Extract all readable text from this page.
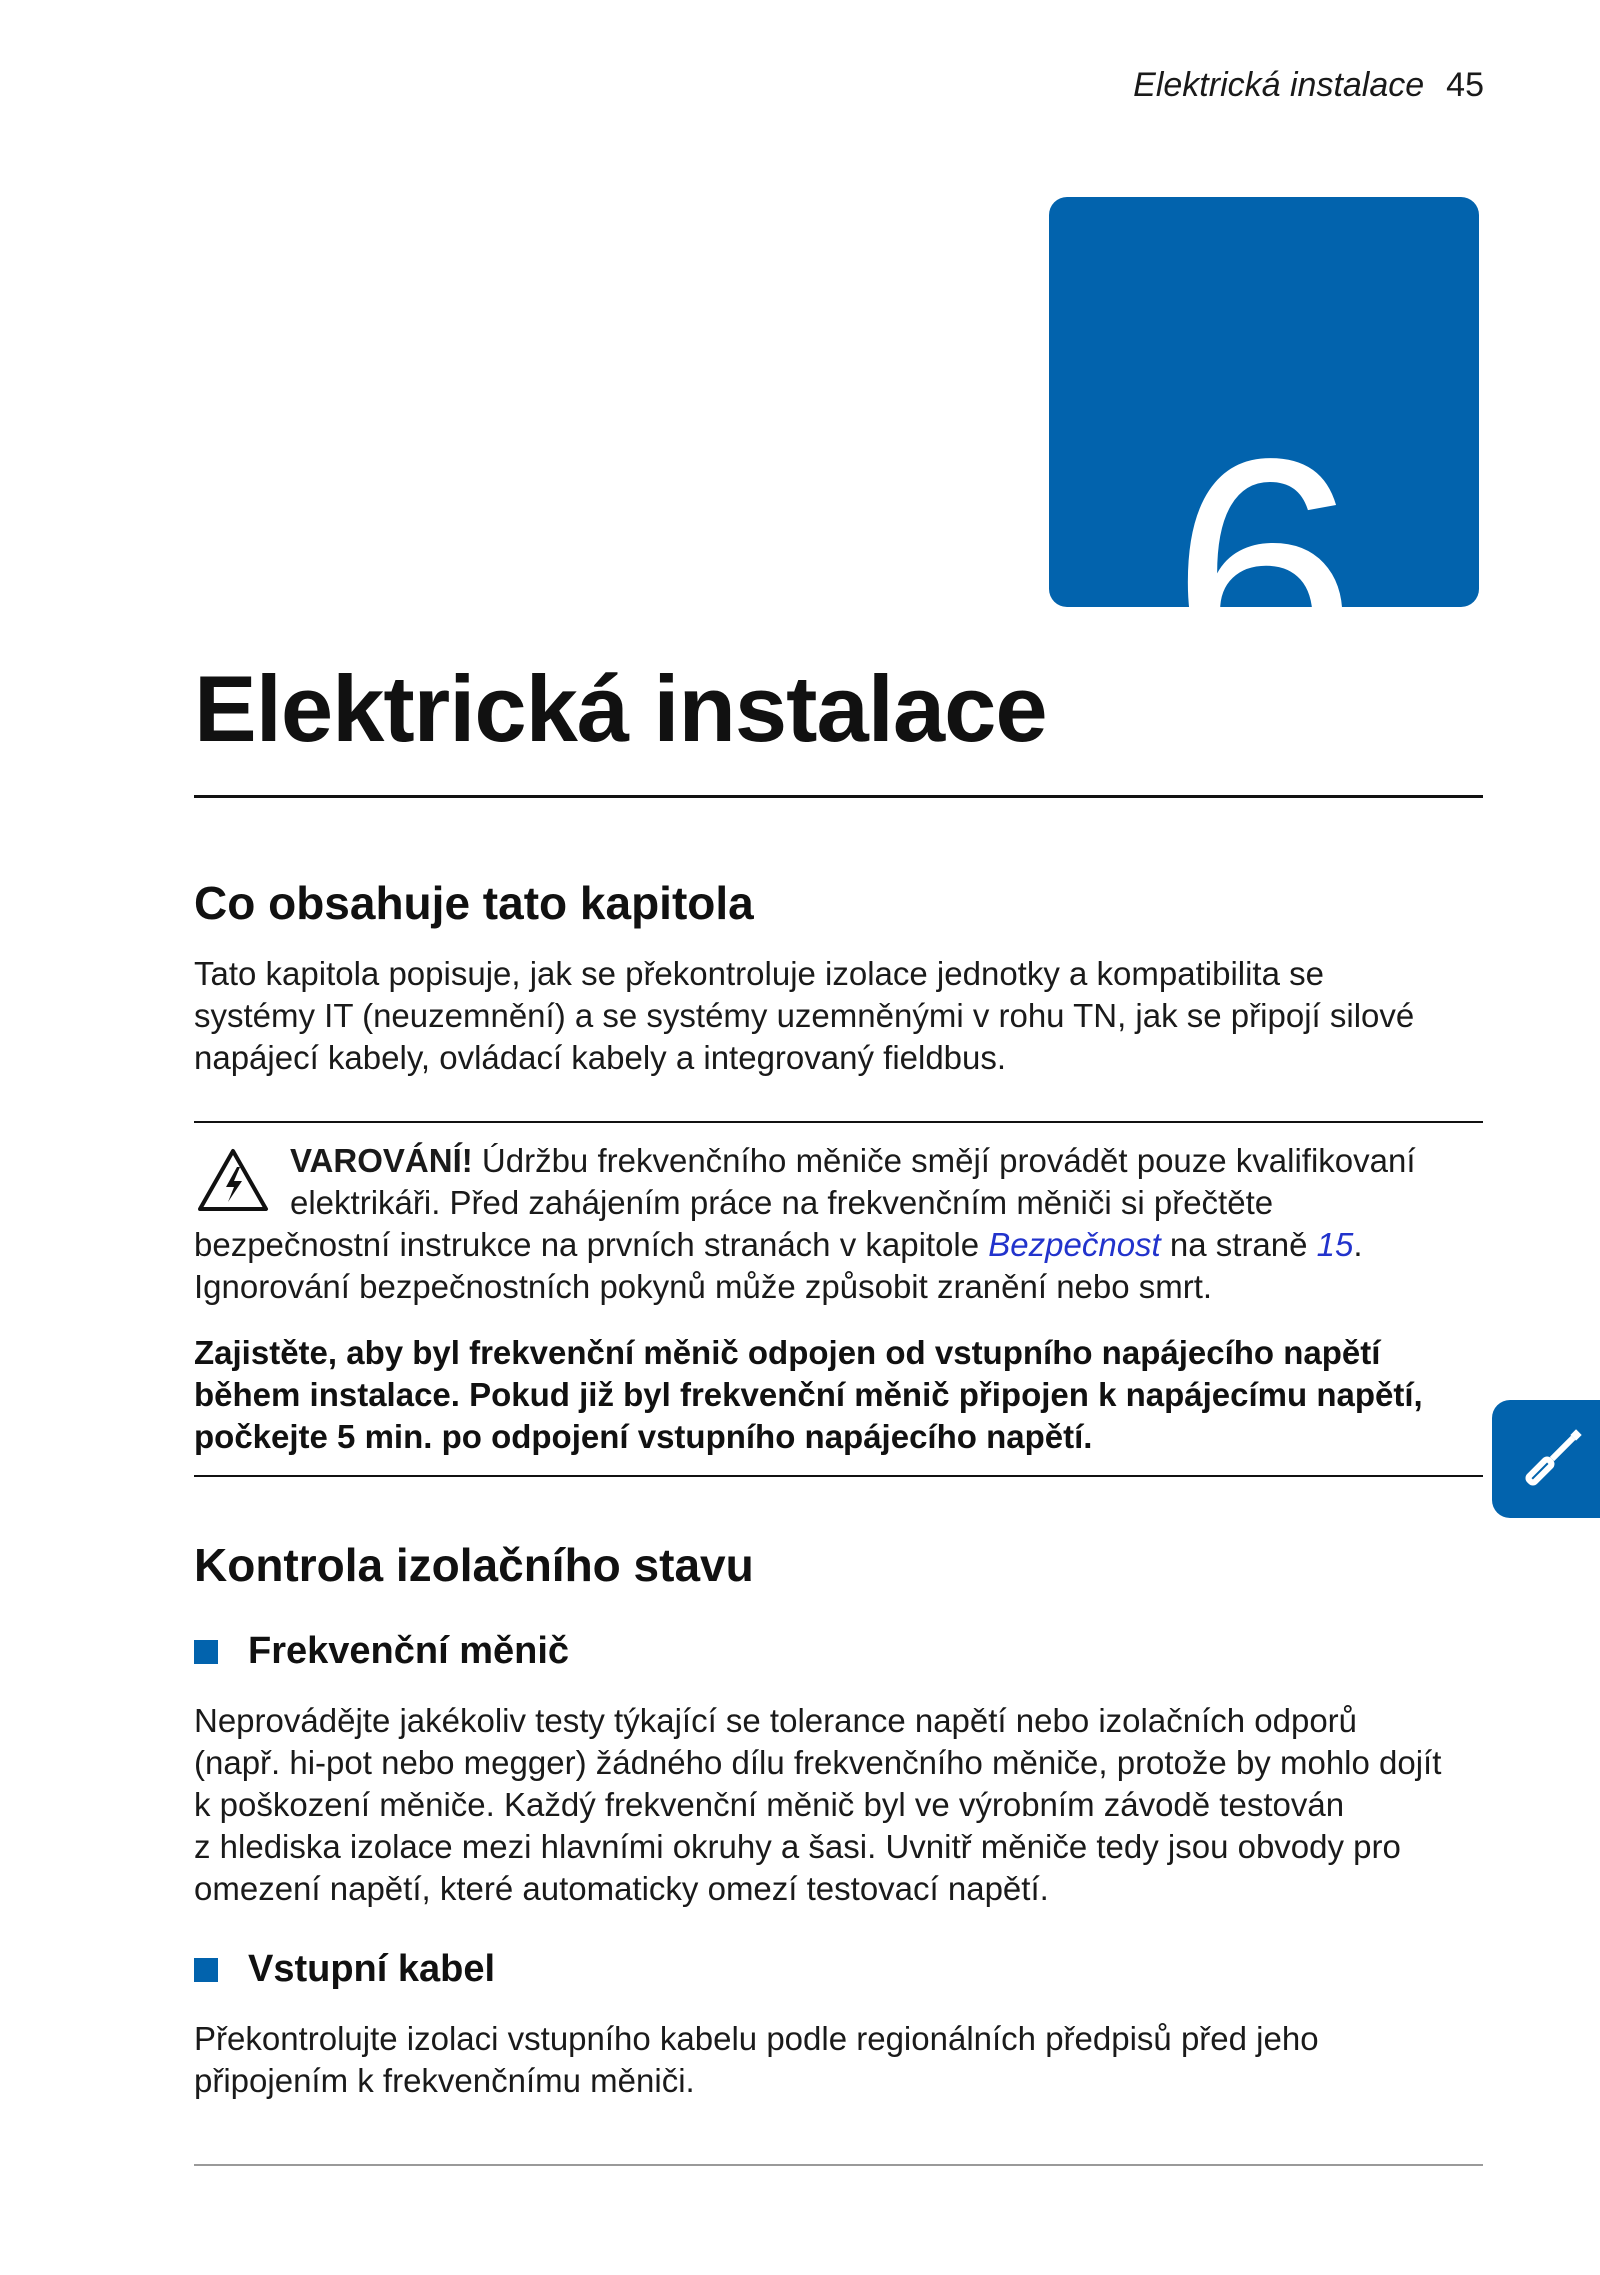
Elektrická instalace 45
6
Elektrická instalace
Co obsahuje tato kapitola
Tato kapitola popisuje, jak se překontroluje izolace jednotky a kompatibilita se
systémy IT (neuzemnění) a se systémy uzemněnými v rohu TN, jak se připojí silové
napájecí kabely, ovládací kabely a integrovaný fieldbus.
VAROVÁNÍ! Údržbu frekvenčního měniče smějí provádět pouze kvalifikovaní
elektrikáři. Před zahájením práce na frekvenčním měniči si přečtěte
bezpečnostní instrukce na prvních stranách v kapitole Bezpečnost na straně 15.
Ignorování bezpečnostních pokynů může způsobit zranění nebo smrt.
Zajistěte, aby byl frekvenční měnič odpojen od vstupního napájecího napětí
během instalace. Pokud již byl frekvenční měnič připojen k napájecímu napětí,
počkejte 5 min. po odpojení vstupního napájecího napětí.
Kontrola izolačního stavu
Frekvenční měnič
Neprovádějte jakékoliv testy týkající se tolerance napětí nebo izolačních odporů
(např. hi-pot nebo megger) žádného dílu frekvenčního měniče, protože by mohlo dojít
k poškození měniče. Každý frekvenční měnič byl ve výrobním závodě testován
z hlediska izolace mezi hlavními okruhy a šasi. Uvnitř měniče tedy jsou obvody pro
omezení napětí, které automaticky omezí testovací napětí.
Vstupní kabel
Překontrolujte izolaci vstupního kabelu podle regionálních předpisů před jeho
připojením k frekvenčnímu měniči.
